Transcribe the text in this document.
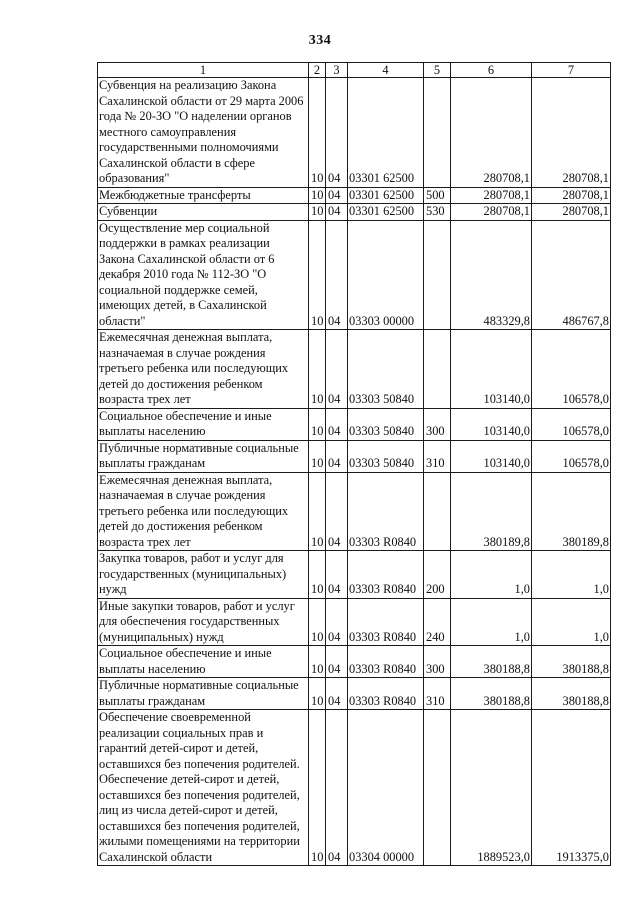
334
1	2	3	4	5	6	7
Субвенция на реализацию Закона Сахалинской области от 29 марта 2006 года № 20-ЗО "О наделении органов местного самоуправления государственными полномочиями Сахалинской области в сфере образования"	10	04	03301 62500		280708,1	280708,1
Межбюджетные трансферты	10	04	03301 62500	500	280708,1	280708,1
Субвенции	10	04	03301 62500	530	280708,1	280708,1
Осуществление мер социальной поддержки в рамках реализации Закона Сахалинской области от 6 декабря 2010 года № 112-ЗО "О социальной поддержке семей, имеющих детей, в Сахалинской области"	10	04	03303 00000		483329,8	486767,8
Ежемесячная денежная выплата, назначаемая в случае рождения третьего ребенка или последующих детей до достижения ребенком возраста трех лет	10	04	03303 50840		103140,0	106578,0
Социальное обеспечение и иные выплаты населению	10	04	03303 50840	300	103140,0	106578,0
Публичные нормативные социальные выплаты гражданам	10	04	03303 50840	310	103140,0	106578,0
Ежемесячная денежная выплата, назначаемая в случае рождения третьего ребенка или последующих детей до достижения ребенком возраста трех лет	10	04	03303 R0840		380189,8	380189,8
Закупка товаров, работ и услуг для государственных (муниципальных) нужд	10	04	03303 R0840	200	1,0	1,0
Иные закупки товаров, работ и услуг для обеспечения государственных (муниципальных) нужд	10	04	03303 R0840	240	1,0	1,0
Социальное обеспечение и иные выплаты населению	10	04	03303 R0840	300	380188,8	380188,8
Публичные нормативные социальные выплаты гражданам	10	04	03303 R0840	310	380188,8	380188,8
Обеспечение своевременной реализации социальных прав и гарантий детей-сирот и детей, оставшихся без попечения родителей. Обеспечение детей-сирот и детей, оставшихся без попечения родителей, лиц из числа детей-сирот и детей, оставшихся без попечения родителей, жилыми помещениями на территории Сахалинской области	10	04	03304 00000		1889523,0	1913375,0
